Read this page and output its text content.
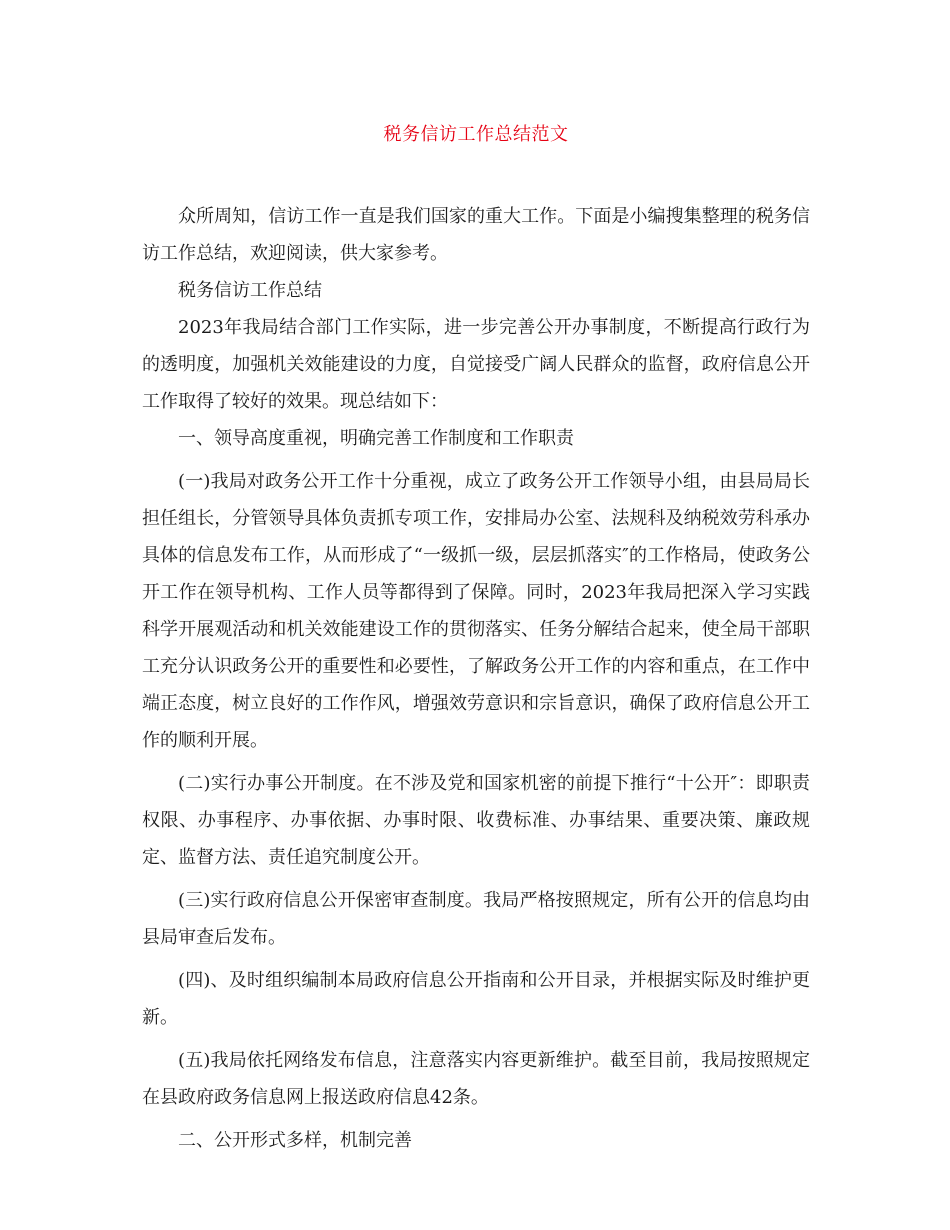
税务信访工作总结范文

众所周知，信访工作一直是我们国家的重大工作。下面是小编搜集整理的税务信访工作总结，欢迎阅读，供大家参考。

税务信访工作总结

2023年我局结合部门工作实际，进一步完善公开办事制度，不断提高行政行为的透明度，加强机关效能建设的力度，自觉接受广阔人民群众的监督，政府信息公开工作取得了较好的效果。现总结如下：

一、领导高度重视，明确完善工作制度和工作职责

(一)我局对政务公开工作十分重视，成立了政务公开工作领导小组，由县局局长担任组长，分管领导具体负责抓专项工作，安排局办公室、法规科及纳税效劳科承办具体的信息发布工作，从而形成了“一级抓一级，层层抓落实″的工作格局，使政务公开工作在领导机构、工作人员等都得到了保障。同时，2023年我局把深入学习实践科学开展观活动和机关效能建设工作的贯彻落实、任务分解结合起来，使全局干部职工充分认识政务公开的重要性和必要性，了解政务公开工作的内容和重点，在工作中端正态度，树立良好的工作作风，增强效劳意识和宗旨意识，确保了政府信息公开工作的顺利开展。

(二)实行办事公开制度。在不涉及党和国家机密的前提下推行“十公开″：即职责权限、办事程序、办事依据、办事时限、收费标准、办事结果、重要决策、廉政规定、监督方法、责任追究制度公开。

(三)实行政府信息公开保密审查制度。我局严格按照规定，所有公开的信息均由县局审查后发布。

(四)、及时组织编制本局政府信息公开指南和公开目录，并根据实际及时维护更新。

(五)我局依托网络发布信息，注意落实内容更新维护。截至目前，我局按照规定在县政府政务信息网上报送政府信息42条。

二、公开形式多样，机制完善
